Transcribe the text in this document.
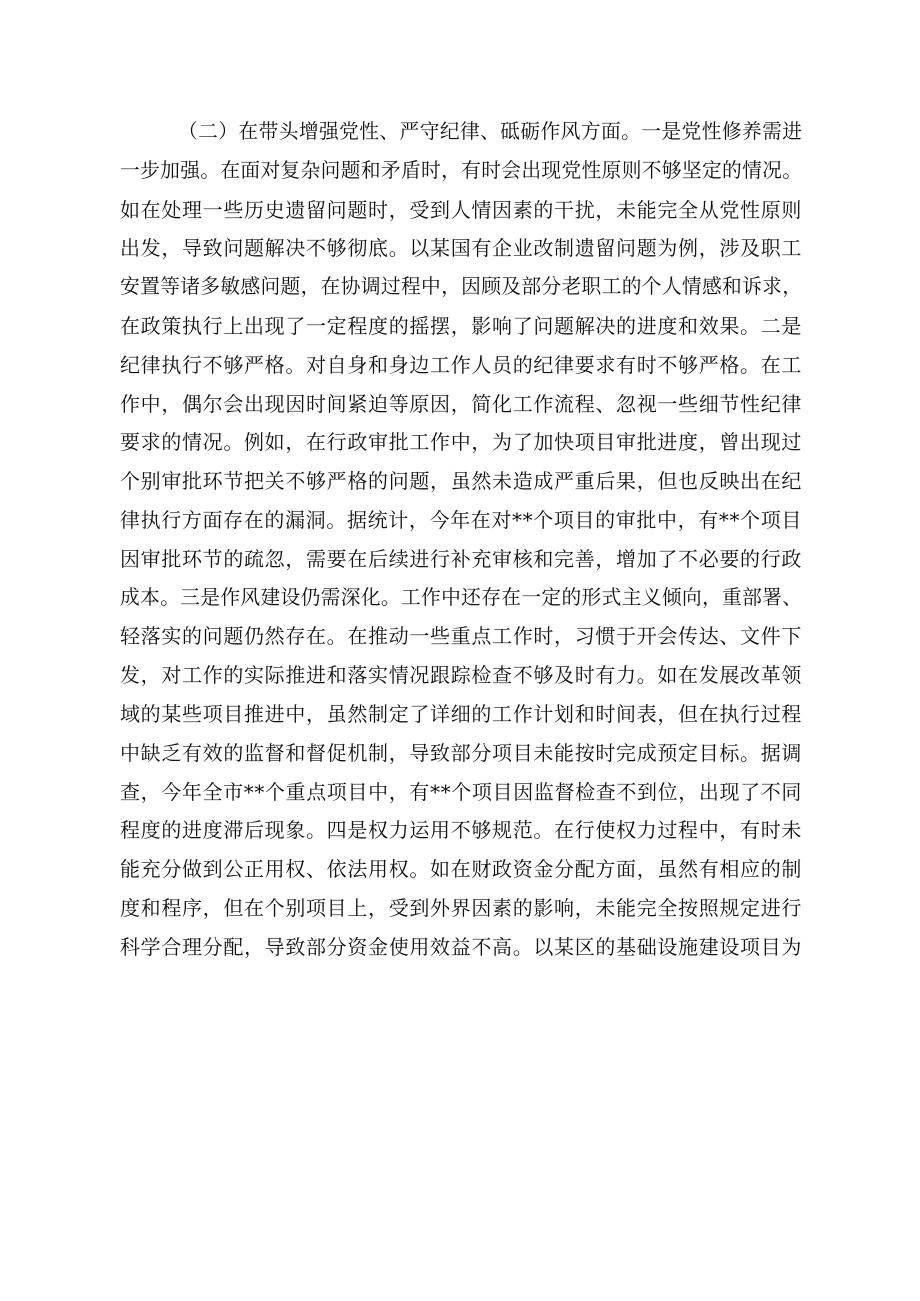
（二）在带头增强党性、严守纪律、砥砺作风方面。一是党性修养需进
一步加强。在面对复杂问题和矛盾时，有时会出现党性原则不够坚定的情况。
如在处理一些历史遗留问题时，受到人情因素的干扰，未能完全从党性原则
出发，导致问题解决不够彻底。以某国有企业改制遗留问题为例，涉及职工
安置等诸多敏感问题，在协调过程中，因顾及部分老职工的个人情感和诉求，
在政策执行上出现了一定程度的摇摆，影响了问题解决的进度和效果。二是
纪律执行不够严格。对自身和身边工作人员的纪律要求有时不够严格。在工
作中，偶尔会出现因时间紧迫等原因，简化工作流程、忽视一些细节性纪律
要求的情况。例如，在行政审批工作中，为了加快项目审批进度，曾出现过
个别审批环节把关不够严格的问题，虽然未造成严重后果，但也反映出在纪
律执行方面存在的漏洞。据统计，今年在对**个项目的审批中，有**个项目
因审批环节的疏忽，需要在后续进行补充审核和完善，增加了不必要的行政
成本。三是作风建设仍需深化。工作中还存在一定的形式主义倾向，重部署、
轻落实的问题仍然存在。在推动一些重点工作时，习惯于开会传达、文件下
发，对工作的实际推进和落实情况跟踪检查不够及时有力。如在发展改革领
域的某些项目推进中，虽然制定了详细的工作计划和时间表，但在执行过程
中缺乏有效的监督和督促机制，导致部分项目未能按时完成预定目标。据调
查，今年全市**个重点项目中，有**个项目因监督检查不到位，出现了不同
程度的进度滞后现象。四是权力运用不够规范。在行使权力过程中，有时未
能充分做到公正用权、依法用权。如在财政资金分配方面，虽然有相应的制
度和程序，但在个别项目上，受到外界因素的影响，未能完全按照规定进行
科学合理分配，导致部分资金使用效益不高。以某区的基础设施建设项目为
